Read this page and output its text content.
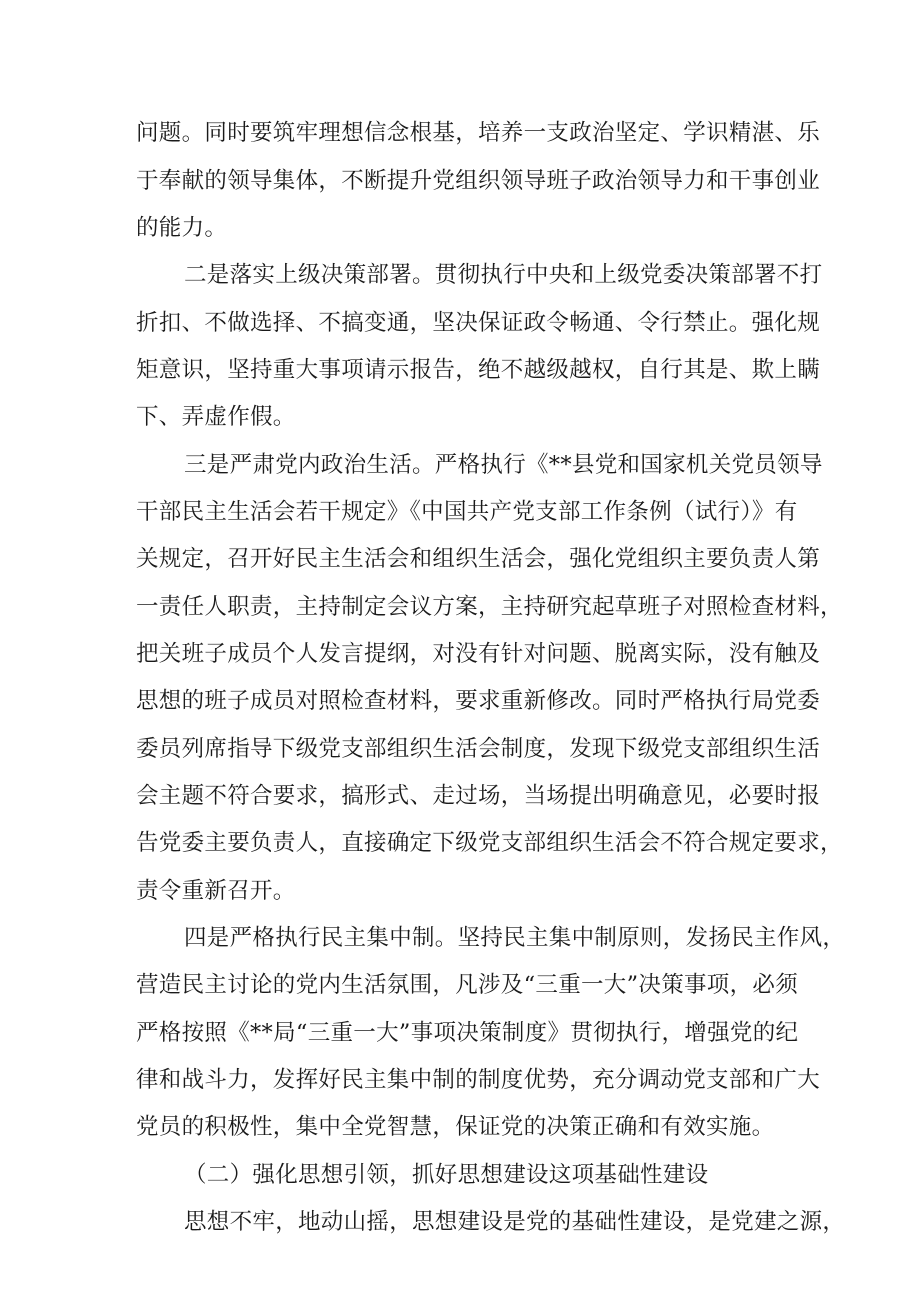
问题。同时要筑牢理想信念根基，培养一支政治坚定、学识精湛、乐
于奉献的领导集体，不断提升党组织领导班子政治领导力和干事创业
的能力。
二是落实上级决策部署。贯彻执行中央和上级党委决策部署不打
折扣、不做选择、不搞变通，坚决保证政令畅通、令行禁止。强化规
矩意识，坚持重大事项请示报告，绝不越级越权，自行其是、欺上瞒
下、弄虚作假。
三是严肃党内政治生活。严格执行《**县党和国家机关党员领导
干部民主生活会若干规定》《中国共产党支部工作条例（试行）》有
关规定，召开好民主生活会和组织生活会，强化党组织主要负责人第
一责任人职责，主持制定会议方案，主持研究起草班子对照检查材料，
把关班子成员个人发言提纲，对没有针对问题、脱离实际，没有触及
思想的班子成员对照检查材料，要求重新修改。同时严格执行局党委
委员列席指导下级党支部组织生活会制度，发现下级党支部组织生活
会主题不符合要求，搞形式、走过场，当场提出明确意见，必要时报
告党委主要负责人，直接确定下级党支部组织生活会不符合规定要求，
责令重新召开。
四是严格执行民主集中制。坚持民主集中制原则，发扬民主作风，
营造民主讨论的党内生活氛围，凡涉及“三重一大”决策事项，必须
严格按照《**局“三重一大”事项决策制度》贯彻执行，增强党的纪
律和战斗力，发挥好民主集中制的制度优势，充分调动党支部和广大
党员的积极性，集中全党智慧，保证党的决策正确和有效实施。
（二）强化思想引领，抓好思想建设这项基础性建设
思想不牢，地动山摇，思想建设是党的基础性建设，是党建之源，
